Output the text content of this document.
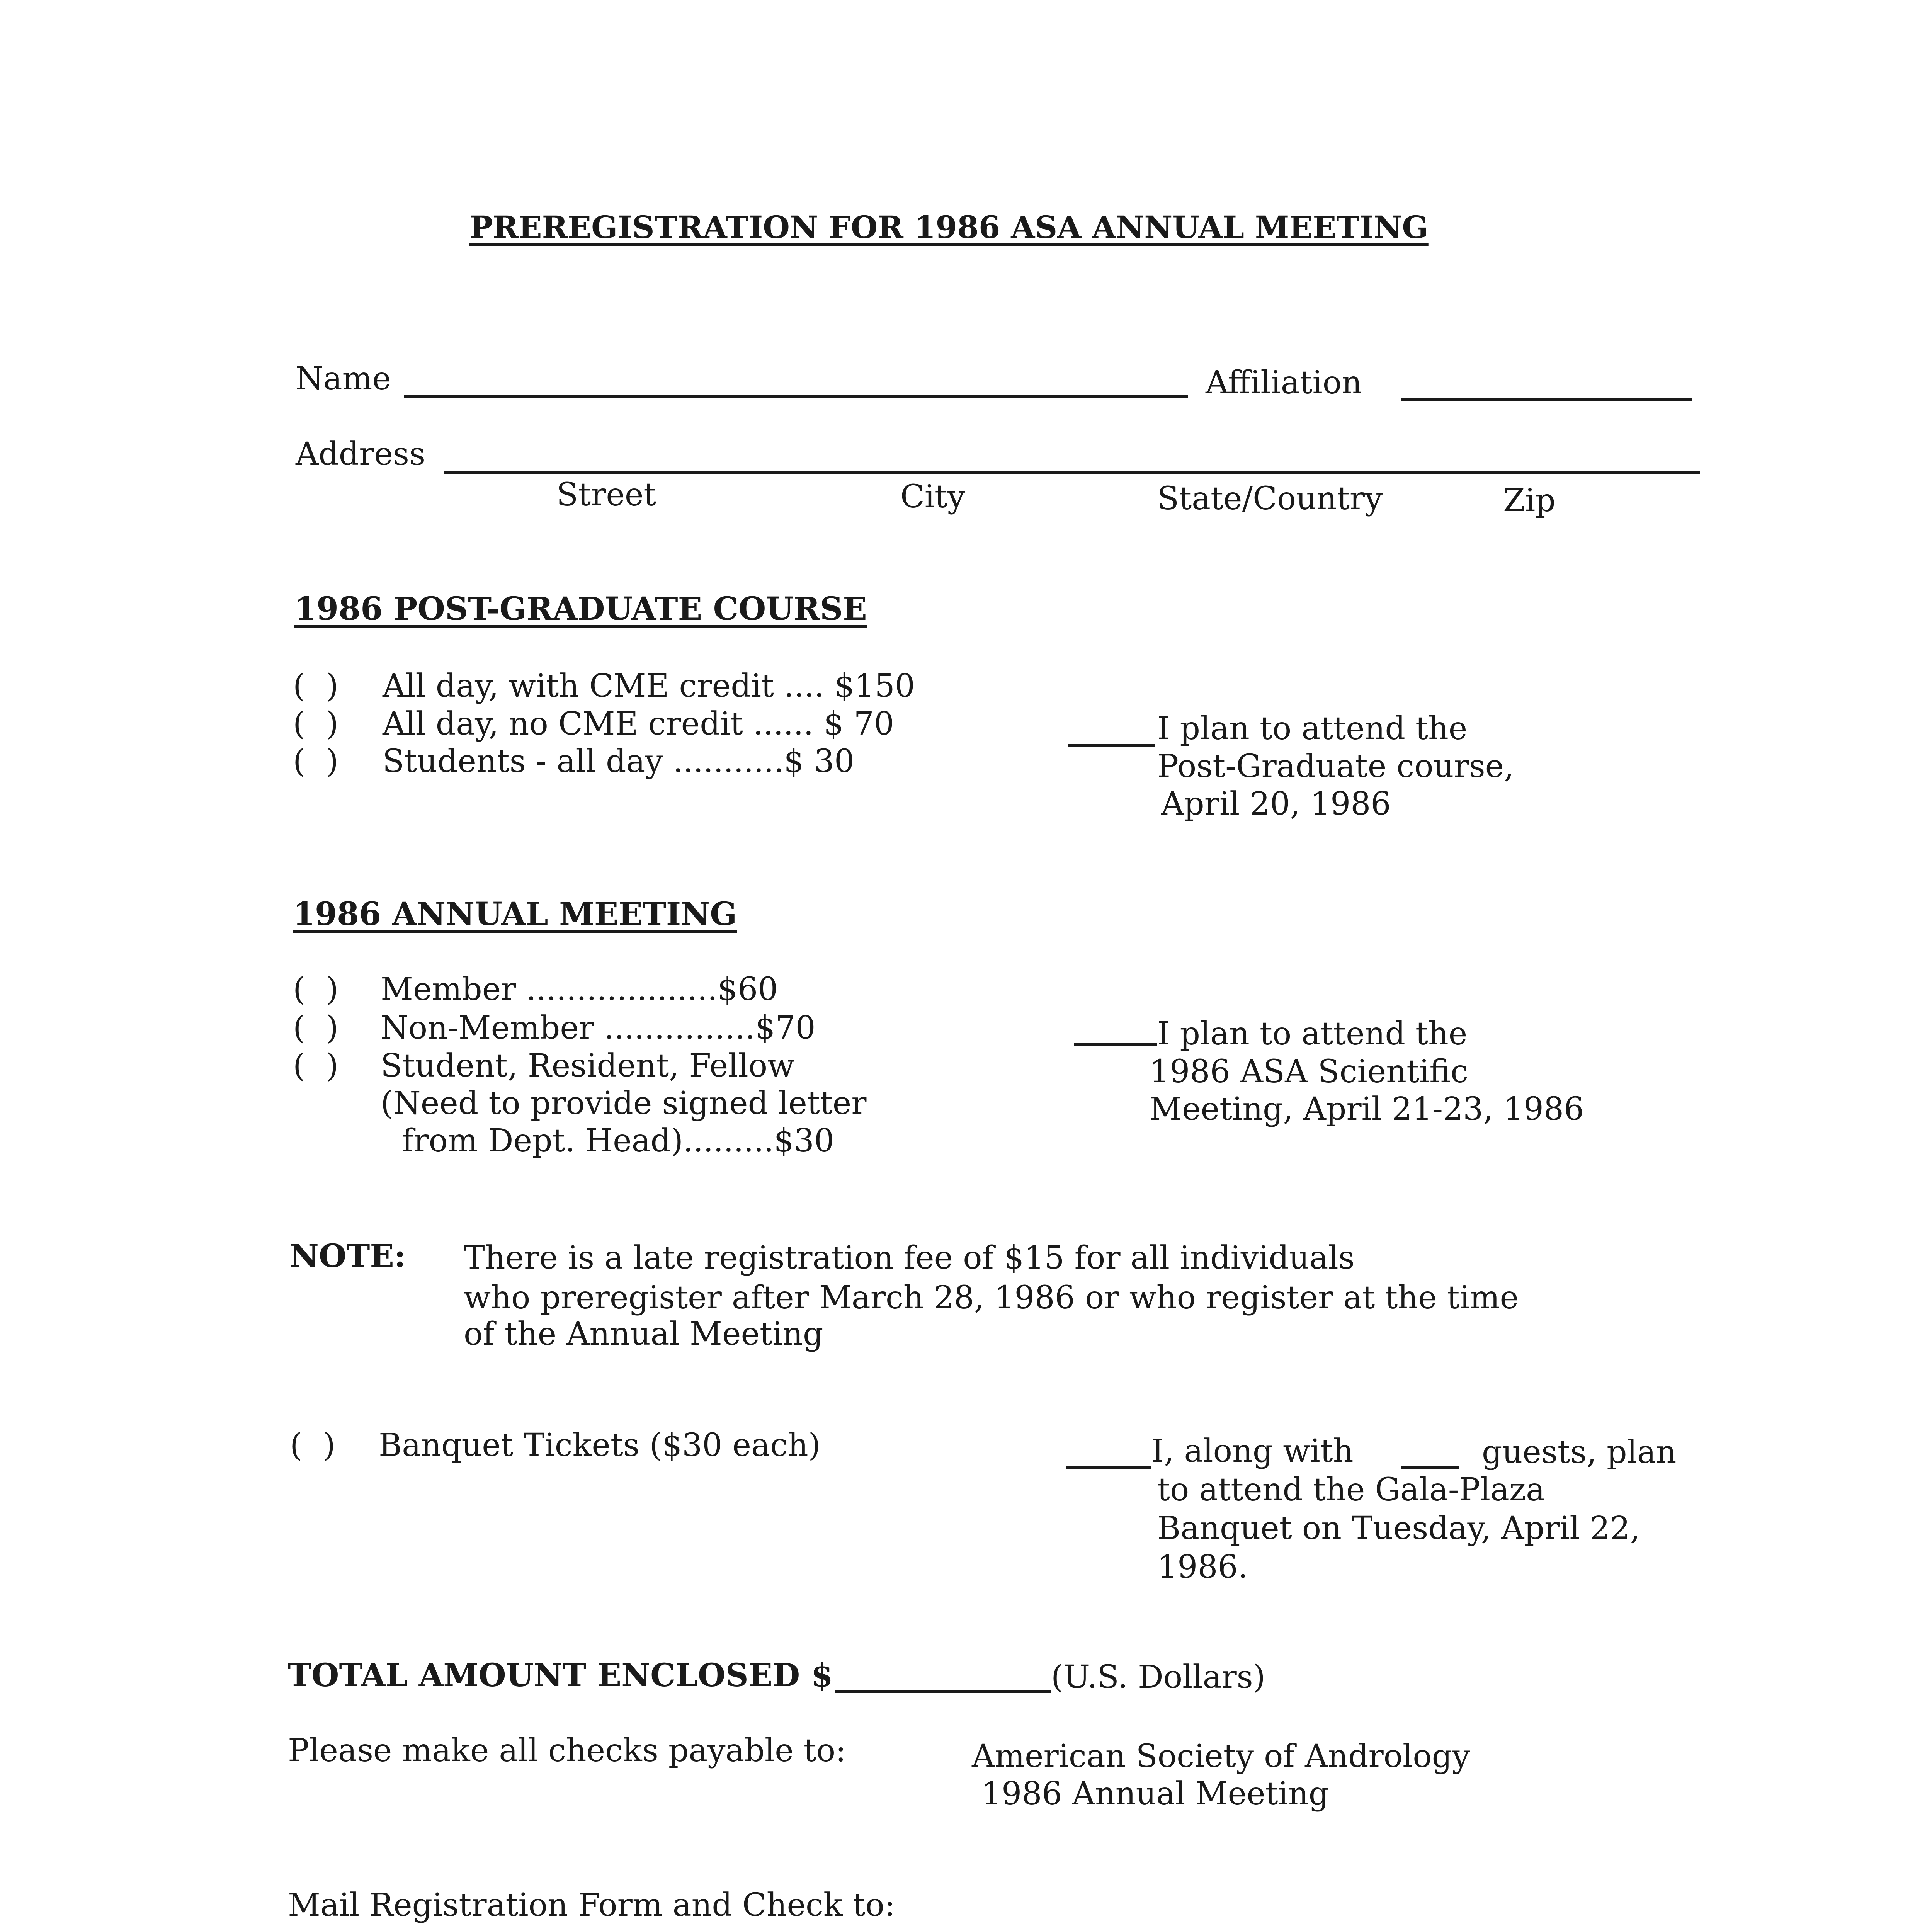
PREREGISTRATION FOR 1986 ASA ANNUAL MEETING
Name	Affiliation
Address
Street	City	State/Country	Zip
1986 POST-GRADUATE COURSE
( ) All day, with CME credit .... $150
( ) All day, no CME credit ...... $ 70
( ) Students - all day ...........$ 30
I plan to attend the
Post-Graduate course,
April 20, 1986
1986 ANNUAL MEETING
( ) Member ...................$60
( ) Non-Member ...............$70
( ) Student, Resident, Fellow
(Need to provide signed letter
from Dept. Head).........$30
I plan to attend the
1986 ASA Scientific
Meeting, April 21-23, 1986
NOTE: There is a late registration fee of $15 for all individuals
who preregister after March 28, 1986 or who register at the time
of the Annual Meeting
( ) Banquet Tickets ($30 each)	I, along with	guests, plan
to attend the Gala-Plaza
Banquet on Tuesday, April 22,
1986.
TOTAL AMOUNT ENCLOSED $	(U.S. Dollars)
Please make all checks payable to:	American Society of Andrology
1986 Annual Meeting
Mail Registration Form and Check to:
